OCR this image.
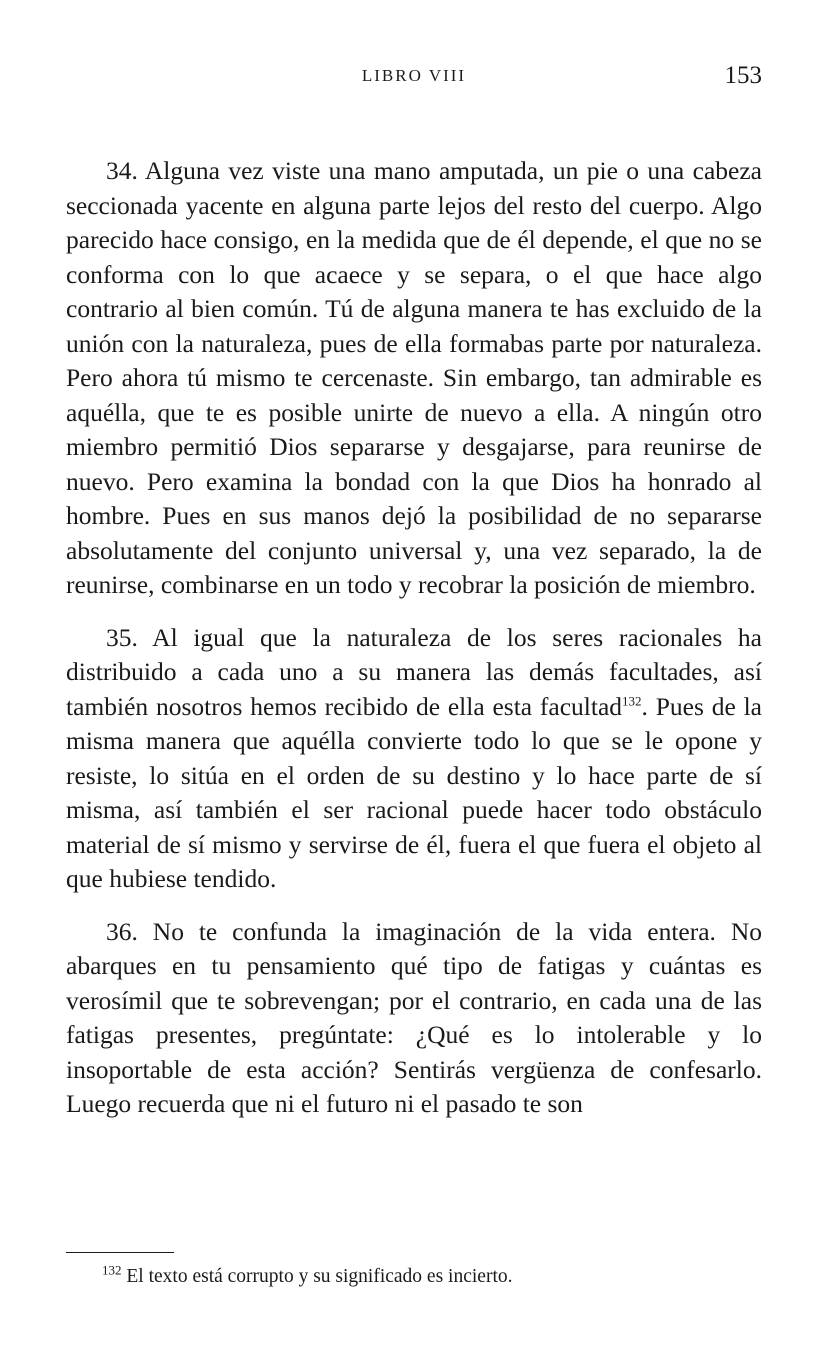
LIBRO VIII	153

34. Alguna vez viste una mano amputada, un pie o una cabeza seccionada yacente en alguna parte lejos del resto del cuerpo. Algo parecido hace consigo, en la medida que de él depende, el que no se conforma con lo que acaece y se separa, o el que hace algo contrario al bien común. Tú de alguna manera te has excluido de la unión con la naturaleza, pues de ella formabas parte por naturaleza. Pero ahora tú mismo te cercenaste. Sin embargo, tan admirable es aquélla, que te es posible unirte de nuevo a ella. A ningún otro miembro permitió Dios separarse y desgajarse, para reunirse de nuevo. Pero examina la bondad con la que Dios ha honrado al hombre. Pues en sus manos dejó la posibilidad de no separarse absolutamente del conjunto universal y, una vez separado, la de reunirse, combinarse en un todo y recobrar la posición de miembro.

35. Al igual que la naturaleza de los seres racionales ha distribuido a cada uno a su manera las demás facultades, así también nosotros hemos recibido de ella esta facultad$^{132}$. Pues de la misma manera que aquélla convierte todo lo que se le opone y resiste, lo sitúa en el orden de su destino y lo hace parte de sí misma, así también el ser racional puede hacer todo obstáculo material de sí mismo y servirse de él, fuera el que fuera el objeto al que hubiese tendido.

36. No te confunda la imaginación de la vida entera. No abarques en tu pensamiento qué tipo de fatigas y cuántas es verosímil que te sobrevengan; por el contrario, en cada una de las fatigas presentes, pregúntate: ¿Qué es lo intolerable y lo insoportable de esta acción? Sentirás vergüenza de confesarlo. Luego recuerda que ni el futuro ni el pasado te son

$^{132}$ El texto está corrupto y su significado es incierto.
